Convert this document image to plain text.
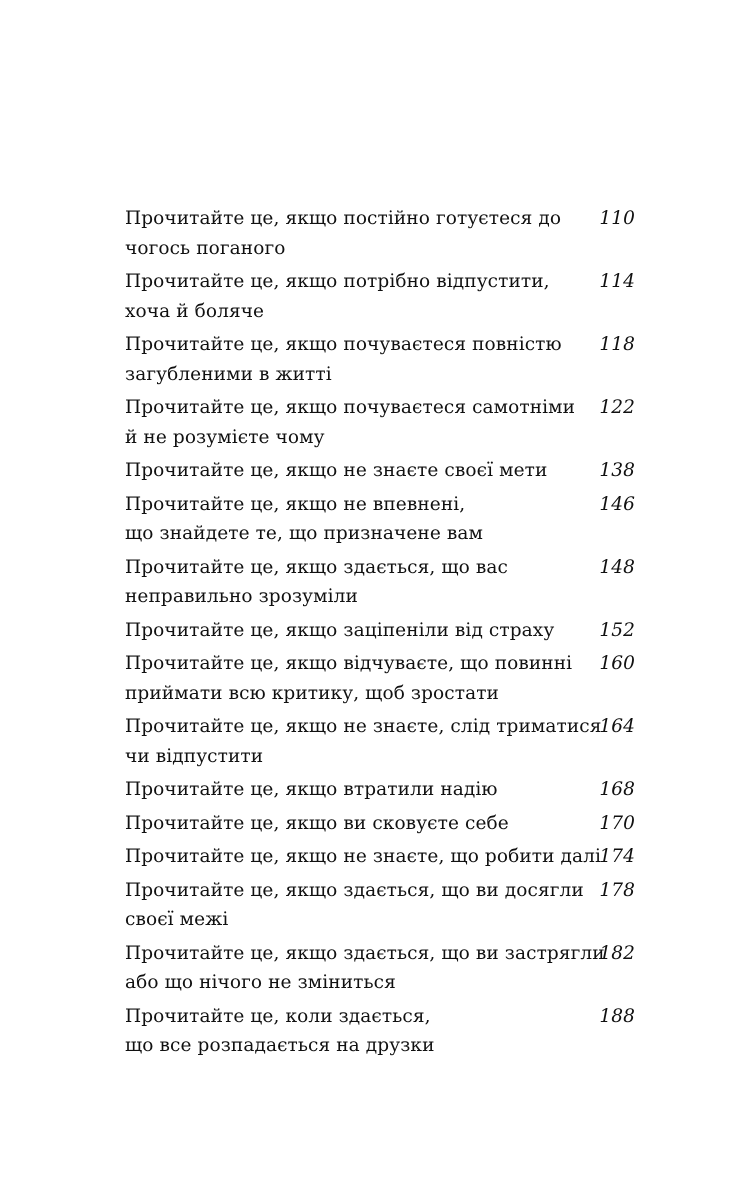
Прочитайте це, якщо постійно готуєтеся до
чогось поганого
110
Прочитайте це, якщо потрібно відпустити,
хоча й боляче
114
Прочитайте це, якщо почуваєтеся повністю
загубленими в житті
118
Прочитайте це, якщо почуваєтеся самотніми
й не розумієте чому
122
Прочитайте це, якщо не знаєте своєї мети	138
Прочитайте це, якщо не впевнені,
що знайдете те, що призначене вам
146
Прочитайте це, якщо здається, що вас
неправильно зрозуміли
148
Прочитайте це, якщо заціпеніли від страху	152
Прочитайте це, якщо відчуваєте, що повинні
приймати всю критику, щоб зростати
160
Прочитайте це, якщо не знаєте, слід триматися
чи відпустити
164
Прочитайте це, якщо втратили надію	168
Прочитайте це, якщо ви сковуєте себе	170
Прочитайте це, якщо не знаєте, що робити далі
174
Прочитайте це, якщо здається, що ви досягли
своєї межі
178
Прочитайте це, якщо здається, що ви застрягли
або що нічого не зміниться
182
Прочитайте це, коли здається,
що все розпадається на друзки
188
